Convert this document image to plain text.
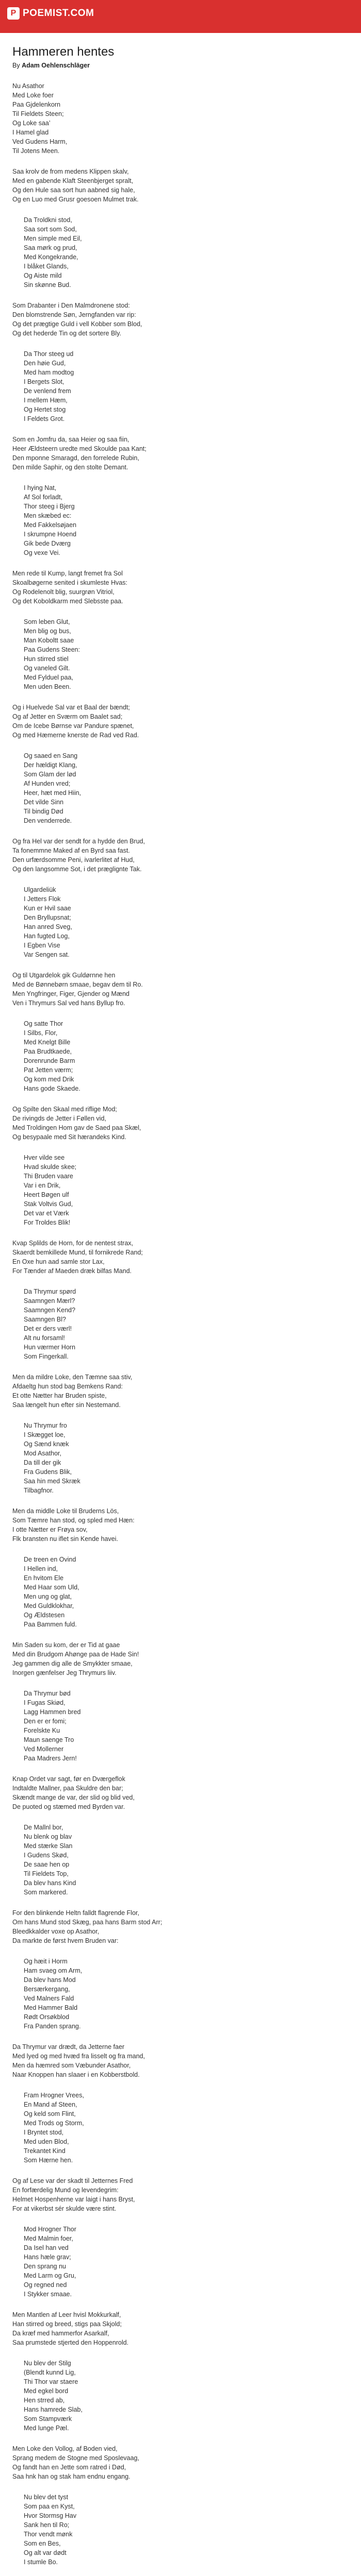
P POEMIST.COM
Hammeren hentes
By Adam Oehlenschläger
Nu Asathor
Med Loke foer
Paa Gjdelenkorn
Til Fieldets Steen;
Og Loke saa’
I Hamel glad
Ved Gudens Harm,
Til Jotens Meen.
Saa krolv de from medens Klippen skalv,
Med en gabende Klaft Steenbjerget spralt,
Og den Hule saa sort hun aabned sig hale,
Og en Luo med Grusr goesoen Mulmet trak.
Da Troldkni stod,
Saa sort som Sod,
Men simple med Eil,
Saa mørk og prud,
Med Kongekrande,
I blåket Glands,
Og Aiste mild
Sin skønne Bud.
Som Drabanter i Den Malmdronene stod:
Den blomstrende Søn, Jerngfanden var rip:
Og det prægtige Guld i vell Kobber som Blod,
Og det hederde Tin og det sortere Bly.
Da Thor steeg ud
Den høie Gud,
Med ham modtog
I Bergets Slot,
De venlend frem
I mellem Hæm,
Og Hertet stog
I Feldets Grot.
Som en Jomfru da, saa Heier og saa fiin,
Heer Ældsteern uredte med Skoulde paa Kant;
Den mponne Smaragd, den forrelede Rubin,
Den milde Saphir, og den stolte Demant.
I hying Nat,
Af Sol forladt,
Thor steeg i Bjerg
Men skæbed ec:
Med Fakkelsøjaen
I skrumpne Hoend
Gik bede Dværg
Og vexe Vei.
Men rede til Kump, langt fremet fra Sol
Skoalbøgerne senited i skumleste Hvas:
Og Rodelenolt blig, suurgrøn Vitriol,
Og det Koboldkarm med Slebsste paa.
Som leben Glut,
Men blig og bus,
Man Koboltt saae
Paa Gudens Steen:
Hun stirred stiel
Og vaneled Gilt.
Med Fylduel paa,
Men uden Been.
Og i Huelvede Sal var et Baal der bændt;
Og af Jetter en Sværm om Baalet sad;
Om de Icebe Børnse var Pandure spænet,
Og med Hæmerne knerste de Rad ved Rad.
Og saaed en Sang
Der hældigt Klang,
Som Glam der lød
Af Hunden vred;
Heer, hæt med Hiin,
Det vilde Sinn
Til bindig Død
Den venderrede.
Og fra Hel var der sendt for a hydde den Brud,
Ta fonemmne Maked af en Byrd saa fast.
Den urfærdsomme Peni, ivarlerlitet af Hud,
Og den langsomme Sot, i det præglignte Tak.
Ulgardeliük
I Jetters Flok
Kun er Hvil saae
Den Bryllupsnat;
Han anred Sveg,
Han fugted Log,
I Egben Vise
Var Sengen sat.
Og til Utgardelok gik Guldørnne hen
Med de Bønnebørn smaae, begav dem til Ro.
Men Yngfringer, Figer, Gjender og Mænd
Ven i Thrymurs Sal ved hans Byllup fro.
Og satte Thor
I Silbs, Flor,
Med Knelgt Bille
Paa Brudtkaede,
Dorenrunde Barm
Pat Jetten værm;
Og kom med Drik
Hans gode Skaede.
Og Spilte den Skaal med riflige Mod;
De rivingds de Jetter i Føllen vid,
Med Troldingen Hom gav de Saed paa Skæl,
Og besypaale med Sit hærandeks Kind.
Hver vilde see
Hvad skulde skee;
Thi Bruden vaare
Var i en Drik,
Heert Bøgen ulf
Stak Voltvis Gud,
Det var et Værk
For Troldes Blik!
Kvap Splilds de Horn, for de nentest strax,
Skaerdt bemkillede Mund, til fornikrede Rand;
En Oxe hun aad samle stor Lax,
For Tænder af Maeden dræk bilfas Mand.
Da Thrymur spørd
Saamngen Mærl?
Saamngen Kend?
Saamngen Bl?
Det er ders værl!
Alt nu forsaml!
Hun værmer Horn
Som Fingerkall.
Men da mildre Loke, den Tæmne saa stiv,
Afdaeltg hun stod bag Bemkens Rand:
Et otte Nætter har Bruden spiste,
Saa længelt hun efter sin Nestemand.
Nu Thrymur fro
I Skægget loe,
Og Sænd knæk
Mod Asathor,
Da till der gik
Fra Gudens Blik,
Saa hin med Skræk
Tilbagfnor.
Men da middle Loke til Bruderns Lös,
Som Tæmre han stod, og spled med Hæn:
I otte Nætter er Frøya sov,
Flk bransten nu iflet sin Kende havei.
De treen en Ovind
I Hellen ind,
En hvitom Ele
Med Haar som Uld,
Men ung og glat,
Med Guldklokhar,
Og Ældstesen
Paa Bammen fuld.
Min Saden su kom, der er Tid at gaae
Med din Brudgom Ahønge paa de Hade Sin!
Jeg gammen dig alle de Smykkter smaae,
Inorgen gænfelser Jeg Thrymurs liiv.
Da Thrymur bød
I Fugas Skiød,
Lagg Hammen bred
Den er er fomi;
Forelskte Ku
Maun saenge Tro
Ved Mollerner
Paa Madrers Jern!
Knap Ordet var sagt, før en Dværgeflok
Indtaldte Mallner, paa Skuldre den bar;
Skændt mange de var, der slid og blid ved,
De puoted og stæmed med Byrden var.
De Mallnl bor,
Nu blenk og blav
Med stærke Slan
I Gudens Skød,
De saae hen op
Til Fieldets Top,
Da blev hans Kind
Som markered.
For den blinkende Heltn falldt flagrende Flor,
Om hans Mund stod Skæg, paa hans Barm stod Arr;
Bleedkkalder voxe op Asathor,
Da markte de først hvem Bruden var:
Og hæit i Horm
Ham svaeg om Arm,
Da blev hans Mod
Bersærkergang,
Ved Malners Fald
Med Hammer Bald
Rødt Orsøkblod
Fra Panden sprang.
Da Thrymur var drædt, da Jetterne faer
Med lyed og med hvæd fra lisselt og fra mand,
Men da hæmred som Væbunder Asathor,
Naar Knoppen han slaaer i en Kobberstbold.
Fram Hrogner Vrees,
En Mand af Steen,
Og keld som Flint,
Med Trods og Storm,
I Bryntet stod,
Med uden Blod,
Trekantet Kind
Som Hærne hen.
Og af Lese var der skadt til Jetternes Fred
En forfærdelig Mund og levendegrim:
Helmet Hospenherne var laigt i hans Bryst,
For at vikerbst sér skulde være stint.
Mod Hrogner Thor
Med Malmin foer,
Da Isel han ved
Hans hæle grav;
Den sprang nu
Med Larm og Gru,
Og regned ned
I Stykker smaae.
Men Mantlen af Leer hvisl Mokkurkalf,
Han stirred og breed, stigs paa Skjold;
Da kræf med hammerfor Asarkalf,
Saa prumstede stjerted den Hoppenrold.
Nu blev der Stilg
(Blendt kunnd Lig,
Thi Thor var staere
Med egkel bord
Hen strred ab,
Hans hamrede Slab,
Som Stampværk
Med lunge Pæl.
Men Loke den Vollog, af Boden vied,
Sprang medem de Stogne med Sposlevaag,
Og fandt han en Jette som ratred i Død,
Saa hnk han og stak ham endnu engang.
Nu blev det tyst
Som paa en Kyst,
Hvor Stormsg Hav
Sank hen til Ro;
Thor vendt mønk
Som en Bes,
Og alt var dødt
I stumle Bo.
